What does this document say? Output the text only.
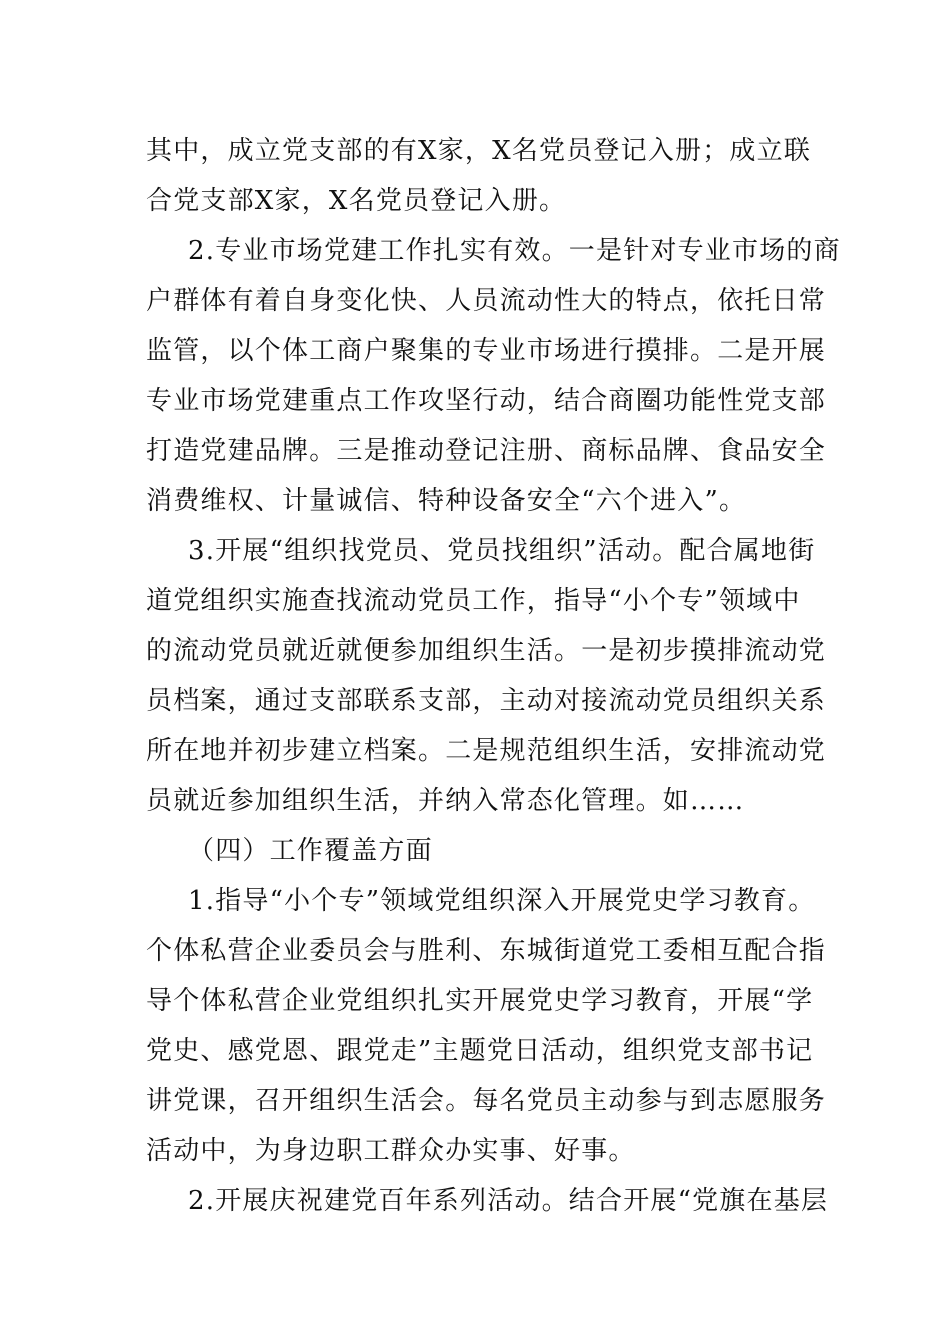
其中，成立党支部的有X家，X名党员登记入册；成立联
合党支部X家，X名党员登记入册。
2.专业市场党建工作扎实有效。一是针对专业市场的商
户群体有着自身变化快、人员流动性大的特点，依托日常
监管，以个体工商户聚集的专业市场进行摸排。二是开展
专业市场党建重点工作攻坚行动，结合商圈功能性党支部
打造党建品牌。三是推动登记注册、商标品牌、食品安全
消费维权、计量诚信、特种设备安全“六个进入”。
3.开展“组织找党员、党员找组织”活动。配合属地街
道党组织实施查找流动党员工作，指导“小个专”领域中
的流动党员就近就便参加组织生活。一是初步摸排流动党
员档案，通过支部联系支部，主动对接流动党员组织关系
所在地并初步建立档案。二是规范组织生活，安排流动党
员就近参加组织生活，并纳入常态化管理。如……
（四）工作覆盖方面
1.指导“小个专”领域党组织深入开展党史学习教育。
个体私营企业委员会与胜利、东城街道党工委相互配合指
导个体私营企业党组织扎实开展党史学习教育，开展“学
党史、感党恩、跟党走”主题党日活动，组织党支部书记
讲党课，召开组织生活会。每名党员主动参与到志愿服务
活动中，为身边职工群众办实事、好事。
2.开展庆祝建党百年系列活动。结合开展“党旗在基层
